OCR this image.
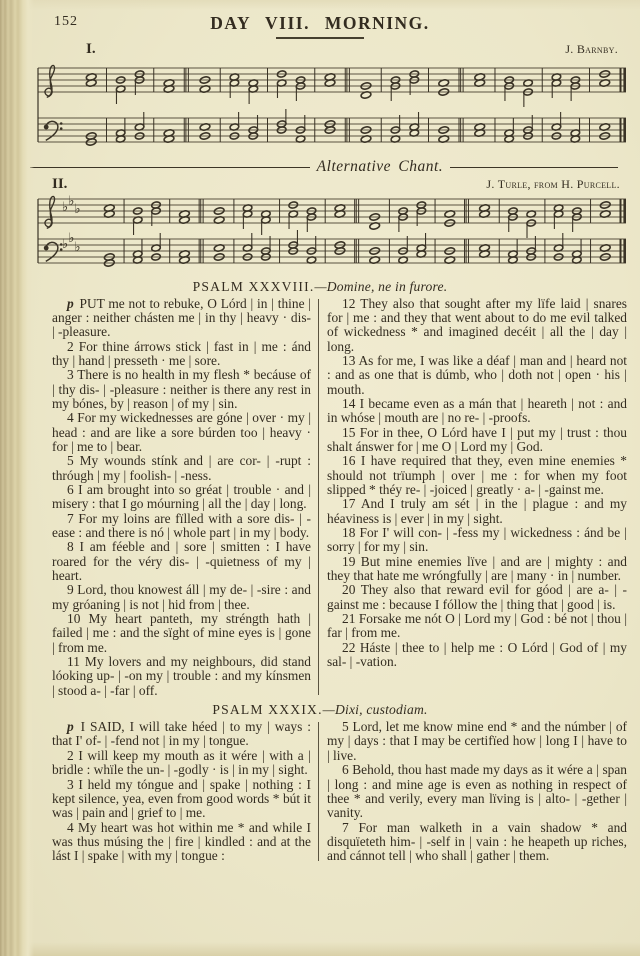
152	DAY VIII. MORNING.
I.	J. Barnby.
Alternative Chant.
II.	J. Turle, from H. Purcell.
♭ ♭
♭
♭ ♭
♭
PSALM XXXVIII.—Domine, ne in furore.

p PUT me not to rebuke, O Lórd | in | thine | anger : neither chásten me | in thy | heavy · dis- | -pleasure.

2 For thine árrows stick | fast in | me : ánd thy | hand | presseth · me | sore.

3 There is no health in my flesh * becáuse of | thy dis- | -pleasure : neither is there any rest in my bónes, by | reason | of my | sin.

4 For my wickednesses are góne | over · my | head : and are like a sore búrden too | heavy · for | me to | bear.

5 My wounds stínk and | are cor- | -rupt : thróugh | my | foolish- | -ness.

6 I am brought into so gréat | trouble · and | misery : that I go móurning | all the | day | long.

7 For my loins are fïlled with a sore dis- | -ease : and there is nó | whole part | in my | body.

8 I am féeble and | sore | smitten : I have roared for the véry dis- | -quietness of my | heart.

9 Lord, thou knowest áll | my de- | -sire : and my gróaning | is not | hid from | thee.

10 My heart panteth, my stréngth hath | failed | me : and the sïght of mine eyes is | gone | from me.

11 My lovers and my neighbours, did stand lóoking up- | -on my | trouble : and my kínsmen | stood a- | -far | off.

12 They also that sought after my lïfe laid | snares for | me : and they that went about to do me evil talked of wickedness * and imagined decéit | all the | day | long.

13 As for me, I was like a déaf | man and | heard not : and as one that is dúmb, who | doth not | open · his | mouth.

14 I became even as a mán that | heareth | not : and in whóse | mouth are | no re- | -proofs.

15 For in thee, O Lórd have I | put my | trust : thou shalt ánswer for | me O | Lord my | God.

16 I have required that they, even mine enemies * should not trïumph | over | me : for when my foot slipped * théy re- | -joiced | greatly · a- | -gainst me.

17 And I truly am sét | in the | plague : and my héaviness is | ever | in my | sight.

18 For I' will con- | -fess my | wickedness : ánd be | sorry | for my | sin.

19 But mine enemies lïve | and are | mighty : and they that hate me wróngfully | are | many · in | number.

20 They also that reward evil for góod | are a- | -gainst me : because I fóllow the | thing that | good | is.

21 Forsake me nót O | Lord my | God : bé not | thou | far | from me.

22 Háste | thee to | help me : O Lórd | God of | my sal- | -vation.

PSALM XXXIX.—Dixi, custodiam.

p I SAID, I will take héed | to my | ways : that I' of- | -fend not | in my | tongue.

2 I will keep my mouth as it wére | with a | bridle : whïle the un- | -godly · is | in my | sight.

3 I held my tóngue and | spake | nothing : I kept silence, yea, even from good words * bút it was | pain and | grief to | me.

4 My heart was hot within me * and while I was thus músing the | fire | kindled : and at the lást I | spake | with my | tongue :

5 Lord, let me know mine end * and the númber | of my | days : that I may be certifïed how | long I | have to | live.

6 Behold, thou hast made my days as it wére a | span | long : and mine age is even as nothing in respect of thee * and verily, every man lïving is | alto- | -gether | vanity.

7 For man walketh in a vain shadow * and disquïeteth him- | -self in | vain : he heapeth up riches, and cánnot tell | who shall | gather | them.
